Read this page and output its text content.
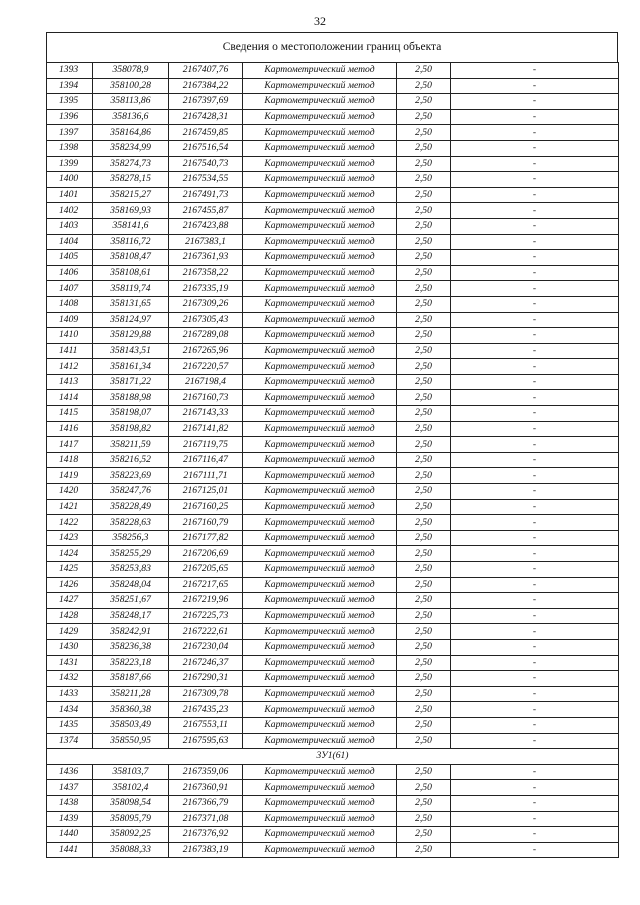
32
Сведения о местоположении границ объекта
1393	358078,9	2167407,76	Картометрический метод	2,50	-
1394	358100,28	2167384,22	Картометрический метод	2,50	-
1395	358113,86	2167397,69	Картометрический метод	2,50	-
1396	358136,6	2167428,31	Картометрический метод	2,50	-
1397	358164,86	2167459,85	Картометрический метод	2,50	-
1398	358234,99	2167516,54	Картометрический метод	2,50	-
1399	358274,73	2167540,73	Картометрический метод	2,50	-
1400	358278,15	2167534,55	Картометрический метод	2,50	-
1401	358215,27	2167491,73	Картометрический метод	2,50	-
1402	358169,93	2167455,87	Картометрический метод	2,50	-
1403	358141,6	2167423,88	Картометрический метод	2,50	-
1404	358116,72	2167383,1	Картометрический метод	2,50	-
1405	358108,47	2167361,93	Картометрический метод	2,50	-
1406	358108,61	2167358,22	Картометрический метод	2,50	-
1407	358119,74	2167335,19	Картометрический метод	2,50	-
1408	358131,65	2167309,26	Картометрический метод	2,50	-
1409	358124,97	2167305,43	Картометрический метод	2,50	-
1410	358129,88	2167289,08	Картометрический метод	2,50	-
1411	358143,51	2167265,96	Картометрический метод	2,50	-
1412	358161,34	2167220,57	Картометрический метод	2,50	-
1413	358171,22	2167198,4	Картометрический метод	2,50	-
1414	358188,98	2167160,73	Картометрический метод	2,50	-
1415	358198,07	2167143,33	Картометрический метод	2,50	-
1416	358198,82	2167141,82	Картометрический метод	2,50	-
1417	358211,59	2167119,75	Картометрический метод	2,50	-
1418	358216,52	2167116,47	Картометрический метод	2,50	-
1419	358223,69	2167111,71	Картометрический метод	2,50	-
1420	358247,76	2167125,01	Картометрический метод	2,50	-
1421	358228,49	2167160,25	Картометрический метод	2,50	-
1422	358228,63	2167160,79	Картометрический метод	2,50	-
1423	358256,3	2167177,82	Картометрический метод	2,50	-
1424	358255,29	2167206,69	Картометрический метод	2,50	-
1425	358253,83	2167205,65	Картометрический метод	2,50	-
1426	358248,04	2167217,65	Картометрический метод	2,50	-
1427	358251,67	2167219,96	Картометрический метод	2,50	-
1428	358248,17	2167225,73	Картометрический метод	2,50	-
1429	358242,91	2167222,61	Картометрический метод	2,50	-
1430	358236,38	2167230,04	Картометрический метод	2,50	-
1431	358223,18	2167246,37	Картометрический метод	2,50	-
1432	358187,66	2167290,31	Картометрический метод	2,50	-
1433	358211,28	2167309,78	Картометрический метод	2,50	-
1434	358360,38	2167435,23	Картометрический метод	2,50	-
1435	358503,49	2167553,11	Картометрический метод	2,50	-
1374	358550,95	2167595,63	Картометрический метод	2,50	-
3У1(61)					
1436	358103,7	2167359,06	Картометрический метод	2,50	-
1437	358102,4	2167360,91	Картометрический метод	2,50	-
1438	358098,54	2167366,79	Картометрический метод	2,50	-
1439	358095,79	2167371,08	Картометрический метод	2,50	-
1440	358092,25	2167376,92	Картометрический метод	2,50	-
1441	358088,33	2167383,19	Картометрический метод	2,50	-
